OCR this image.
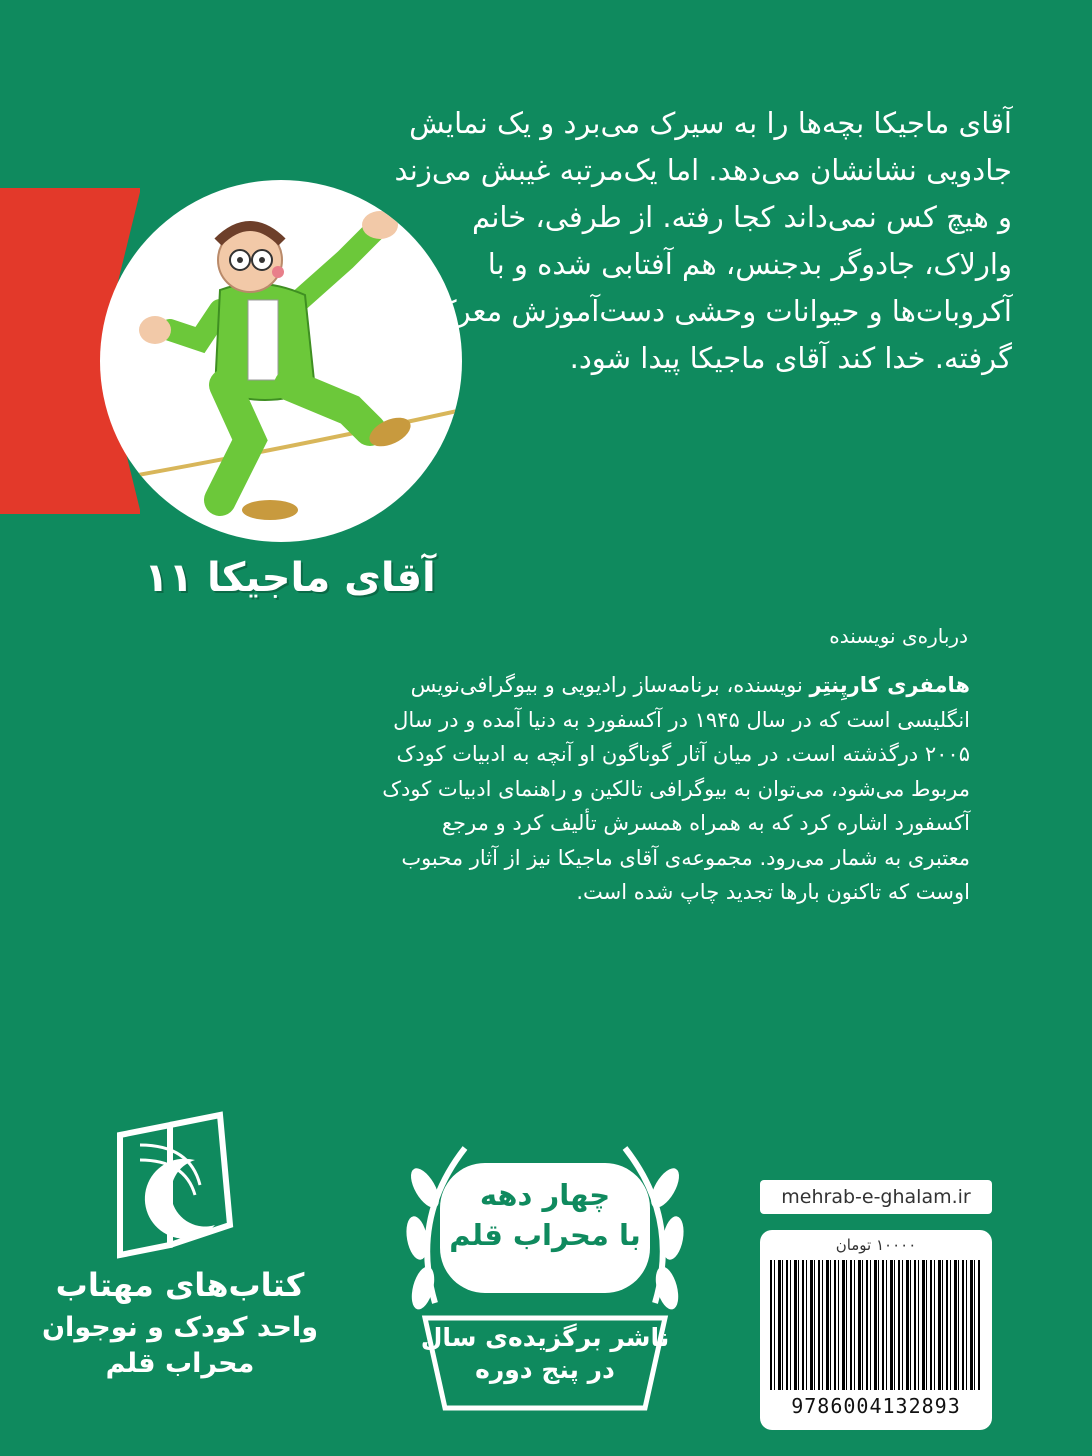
آقای ماجیکا بچه‌ها را به سیرک می‌برد و یک نمایش جادویی نشانشان می‌دهد. اما یک‌مرتبه غیبش می‌زند و هیچ کس نمی‌داند کجا رفته. از طرفی، خانم وارلاک، جادوگر بدجنس، هم آفتابی شده و با آکروبات‌ها و حیوانات وحشی دست‌آموزش معرکه گرفته. خدا کند آقای ماجیکا پیدا شود.

آقای ماجیکا ۱۱
درباره‌ی نویسنده

هامفری کارپِنتِر نویسنده، برنامه‌ساز رادیویی و بیوگرافی‌نویس انگلیسی است که در سال ۱۹۴۵ در آکسفورد به دنیا آمده و در سال ۲۰۰۵ درگذشته است. در میان آثار گوناگون او آنچه به ادبیات کودک مربوط می‌شود، می‌توان به بیوگرافی تالکین و راهنمای ادبیات کودک آکسفورد اشاره کرد که به همراه همسرش تألیف کرد و مرجع معتبری به شمار می‌رود. مجموعه‌ی آقای ماجیکا نیز از آثار محبوب اوست که تاکنون بارها تجدید چاپ شده است.

کتاب‌های مهتاب

واحد کودک و نوجوان
محراب قلم
چهار دهه
با محراب قلم
ناشر برگزیده‌ی سال
در پنج دوره
mehrab-e-ghalam.ir
۱۰۰۰۰ تومان
9786004132893
